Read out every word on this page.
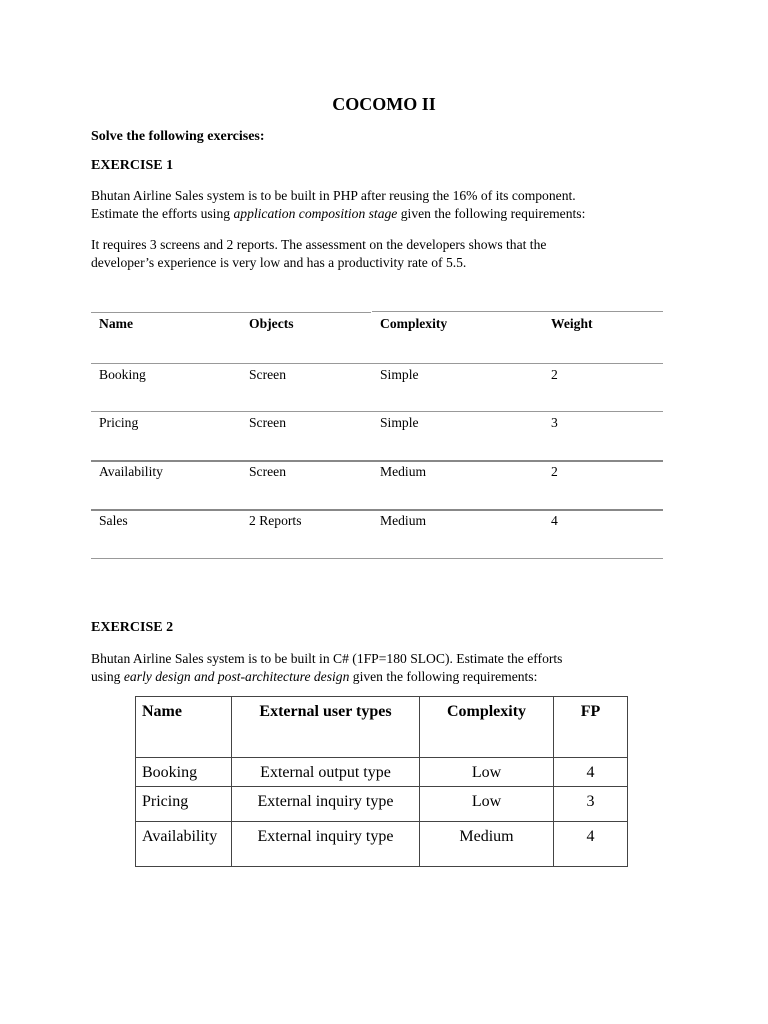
COCOMO II
Solve the following exercises:
EXERCISE 1
Bhutan Airline Sales system is to be built in PHP after reusing the 16% of its component.
Estimate the efforts using application composition stage given the following requirements:
It requires 3 screens and 2 reports. The assessment on the developers shows that the
developer’s experience is very low and has a productivity rate of 5.5.
Name	Objects	Complexity	Weight
Booking	Screen	Simple	2
Pricing	Screen	Simple	3
Availability	Screen	Medium	2
Sales	2 Reports	Medium	4
EXERCISE 2
Bhutan Airline Sales system is to be built in C# (1FP=180 SLOC). Estimate the efforts
using early design and post-architecture design given the following requirements:
Name	External user types	Complexity	FP
Booking	External output type	Low	4
Pricing	External inquiry type	Low	3
Availability	External inquiry type	Medium	4
